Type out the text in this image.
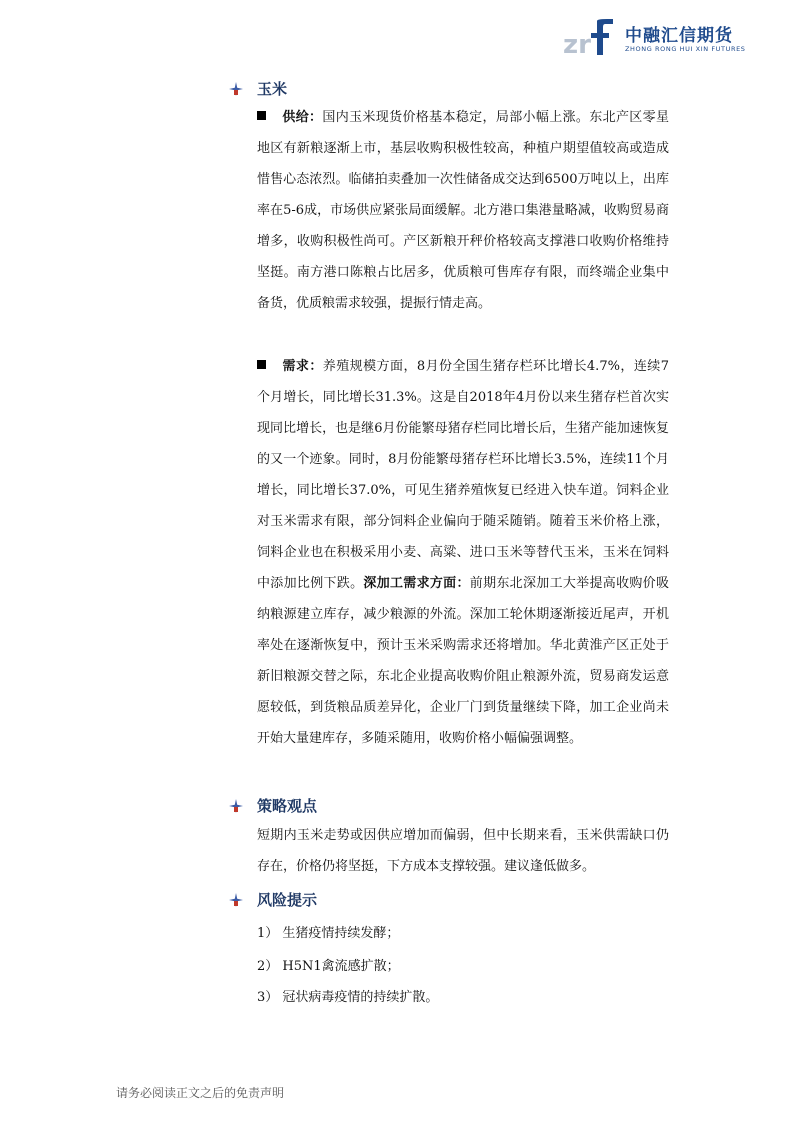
zr 中融汇信期货
ZHONG RONG HUI XIN FUTURES
玉米

供给：国内玉米现货价格基本稳定，局部小幅上涨。东北产区零星地区有新粮逐渐上市，基层收购积极性较高，种植户期望值较高或造成惜售心态浓烈。临储拍卖叠加一次性储备成交达到6500万吨以上，出库率在5-6成，市场供应紧张局面缓解。北方港口集港量略减，收购贸易商增多，收购积极性尚可。产区新粮开秤价格较高支撑港口收购价格维持坚挺。南方港口陈粮占比居多，优质粮可售库存有限，而终端企业集中备货，优质粮需求较强，提振行情走高。

需求：养殖规模方面，8月份全国生猪存栏环比增长4.7%，连续7个月增长，同比增长31.3%。这是自2018年4月份以来生猪存栏首次实现同比增长，也是继6月份能繁母猪存栏同比增长后，生猪产能加速恢复的又一个迹象。同时，8月份能繁母猪存栏环比增长3.5%，连续11个月增长，同比增长37.0%，可见生猪养殖恢复已经进入快车道。饲料企业对玉米需求有限，部分饲料企业偏向于随采随销。随着玉米价格上涨，饲料企业也在积极采用小麦、高粱、进口玉米等替代玉米，玉米在饲料中添加比例下跌。深加工需求方面：前期东北深加工大举提高收购价吸纳粮源建立库存，减少粮源的外流。深加工轮休期逐渐接近尾声，开机率处在逐渐恢复中，预计玉米采购需求还将增加。华北黄淮产区正处于新旧粮源交替之际，东北企业提高收购价阻止粮源外流，贸易商发运意愿较低，到货粮品质差异化，企业厂门到货量继续下降，加工企业尚未开始大量建库存，多随采随用，收购价格小幅偏强调整。

策略观点

短期内玉米走势或因供应增加而偏弱，但中长期来看，玉米供需缺口仍存在，价格仍将坚挺，下方成本支撑较强。建议逢低做多。

风险提示
1） 生猪疫情持续发酵；
2） H5N1禽流感扩散；
3） 冠状病毒疫情的持续扩散。
请务必阅读正文之后的免责声明
